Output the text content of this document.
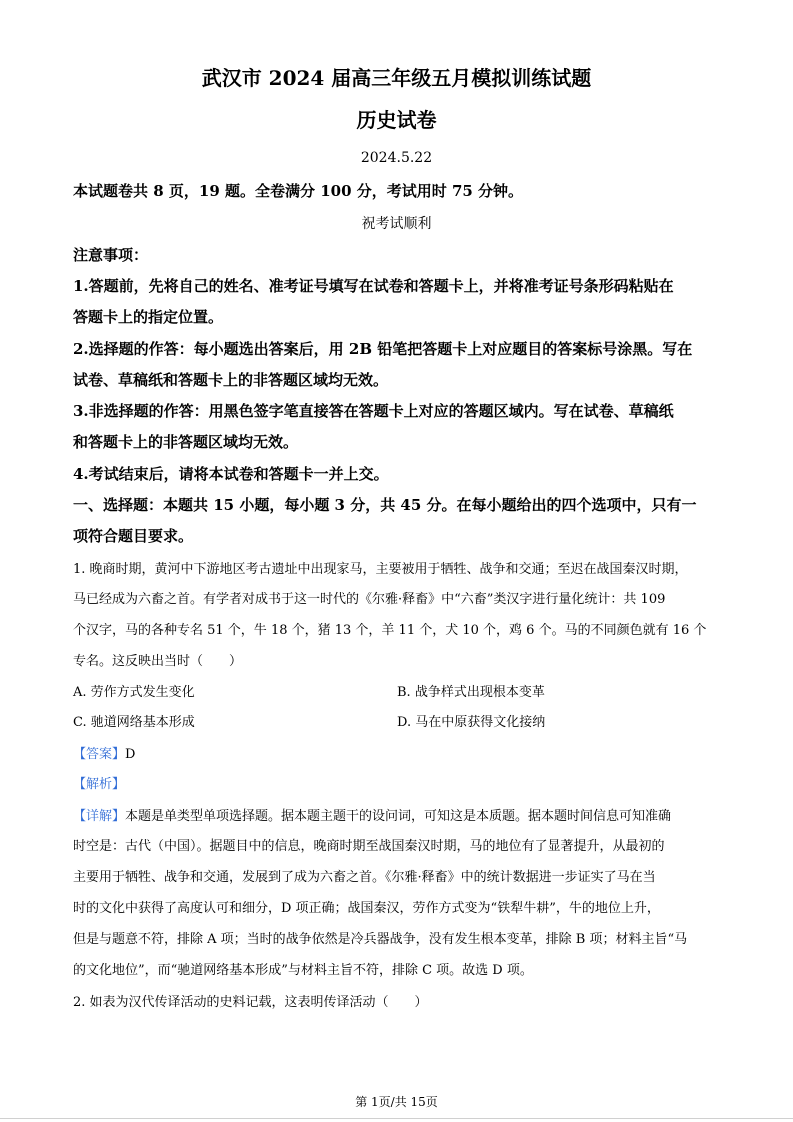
武汉市 2024 届高三年级五月模拟训练试题
历史试卷
2024.5.22
本试题卷共 8 页，19 题。全卷满分 100 分，考试用时 75 分钟。
祝考试顺利
注意事项：
1.答题前，先将自己的姓名、准考证号填写在试卷和答题卡上，并将准考证号条形码粘贴在
答题卡上的指定位置。
2.选择题的作答：每小题选出答案后，用 2B 铅笔把答题卡上对应题目的答案标号涂黑。写在
试卷、草稿纸和答题卡上的非答题区域均无效。
3.非选择题的作答：用黑色签字笔直接答在答题卡上对应的答题区域内。写在试卷、草稿纸
和答题卡上的非答题区域均无效。
4.考试结束后，请将本试卷和答题卡一并上交。
一、选择题：本题共 15 小题，每小题 3 分，共 45 分。在每小题给出的四个选项中，只有一
项符合题目要求。
1. 晚商时期，黄河中下游地区考古遗址中出现家马，主要被用于牺牲、战争和交通；至迟在战国秦汉时期，
马已经成为六畜之首。有学者对成书于这一时代的《尔雅·释畜》中“六畜”类汉字进行量化统计：共 109
个汉字，马的各种专名 51 个，牛 18 个，猪 13 个，羊 11 个，犬 10 个，鸡 6 个。马的不同颜色就有 16 个
专名。这反映出当时（　　）
A. 劳作方式发生变化	B. 战争样式出现根本变革
C. 驰道网络基本形成	D. 马在中原获得文化接纳
【答案】D
【解析】
【详解】本题是单类型单项选择题。据本题主题干的设问词，可知这是本质题。据本题时间信息可知准确
时空是：古代（中国）。据题目中的信息，晚商时期至战国秦汉时期，马的地位有了显著提升，从最初的
主要用于牺牲、战争和交通，发展到了成为六畜之首。《尔雅·释畜》中的统计数据进一步证实了马在当
时的文化中获得了高度认可和细分，D 项正确；战国秦汉，劳作方式变为“铁犁牛耕”，牛的地位上升，
但是与题意不符，排除 A 项；当时的战争依然是冷兵器战争，没有发生根本变革，排除 B 项；材料主旨“马
的文化地位”，而“驰道网络基本形成”与材料主旨不符，排除 C 项。故选 D 项。
2. 如表为汉代传译活动的史料记载，这表明传译活动（　　）
第 1页/共 15页
